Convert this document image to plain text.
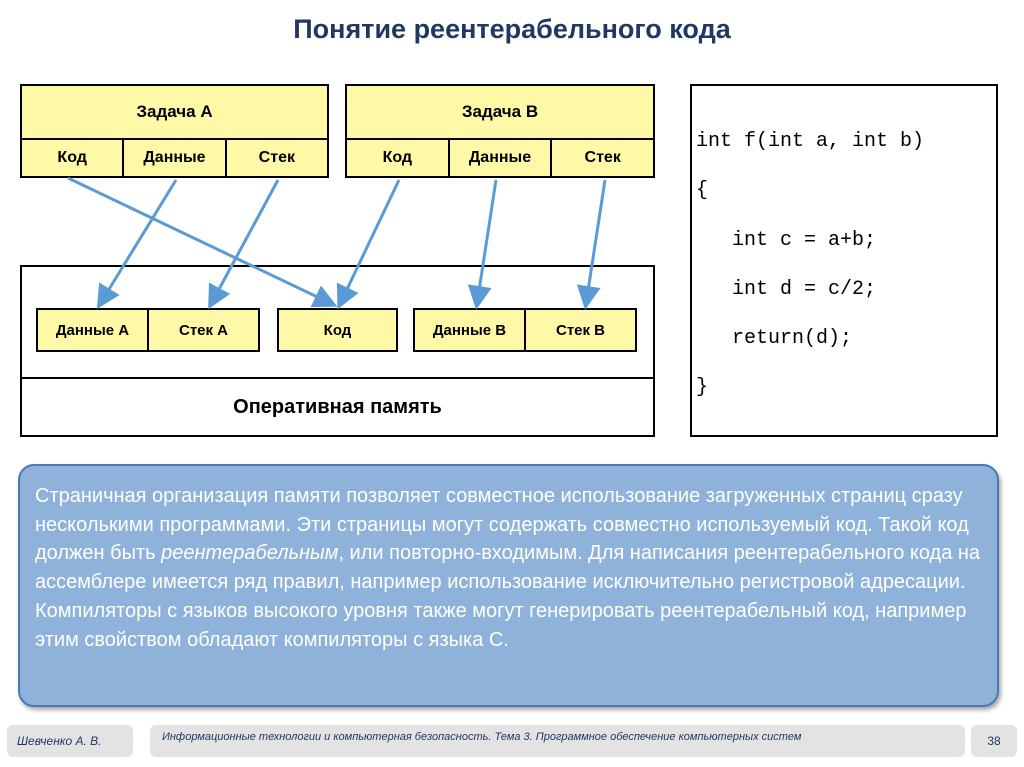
Понятие реентерабельного кода
Задача А
Код	Данные	Стек
Задача В
Код	Данные	Стек
Оперативная память
Данные А	Стек А	Код	Данные В	Стек В
int f(int a, int b)
{
int c = a+b;
int d = c/2;
return(d);
}
Страничная организация памяти позволяет совместное использование загруженных страниц сразу несколькими программами. Эти страницы могут содержать совместно используемый код. Такой код должен быть реентерабельным, или повторно-входимым. Для написания реентерабельного кода на ассемблере имеется ряд правил, например использование исключительно регистровой адресации. Компиляторы с языков высокого уровня также могут генерировать реентерабельный код, например этим свойством обладают компиляторы с языка С.
Шевченко А. В.	Информационные технологии и компьютерная безопасность. Тема 3. Программное обеспечение компьютерных систем	38
